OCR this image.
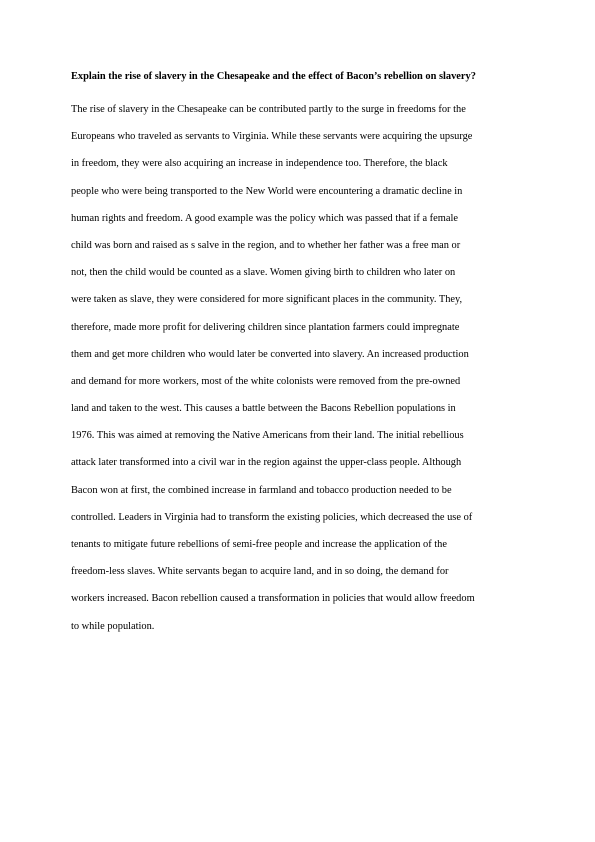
Explain the rise of slavery in the Chesapeake and the effect of Bacon’s rebellion on slavery?
The rise of slavery in the Chesapeake can be contributed partly to the surge in freedoms for the
Europeans who traveled as servants to Virginia. While these servants were acquiring the upsurge
in freedom, they were also acquiring an increase in independence too. Therefore, the black
people who were being transported to the New World were encountering a dramatic decline in
human rights and freedom. A good example was the policy which was passed that if a female
child was born and raised as s salve in the region, and to whether her father was a free man or
not, then the child would be counted as a slave. Women giving birth to children who later on
were taken as slave, they were considered for more significant places in the community. They,
therefore, made more profit for delivering children since plantation farmers could impregnate
them and get more children who would later be converted into slavery. An increased production
and demand for more workers, most of the white colonists were removed from the pre-owned
land and taken to the west. This causes a battle between the Bacons Rebellion populations in
1976. This was aimed at removing the Native Americans from their land. The initial rebellious
attack later transformed into a civil war in the region against the upper-class people. Although
Bacon won at first, the combined increase in farmland and tobacco production needed to be
controlled. Leaders in Virginia had to transform the existing policies, which decreased the use of
tenants to mitigate future rebellions of semi-free people and increase the application of the
freedom-less slaves. White servants began to acquire land, and in so doing, the demand for
workers increased. Bacon rebellion caused a transformation in policies that would allow freedom
to while population.
